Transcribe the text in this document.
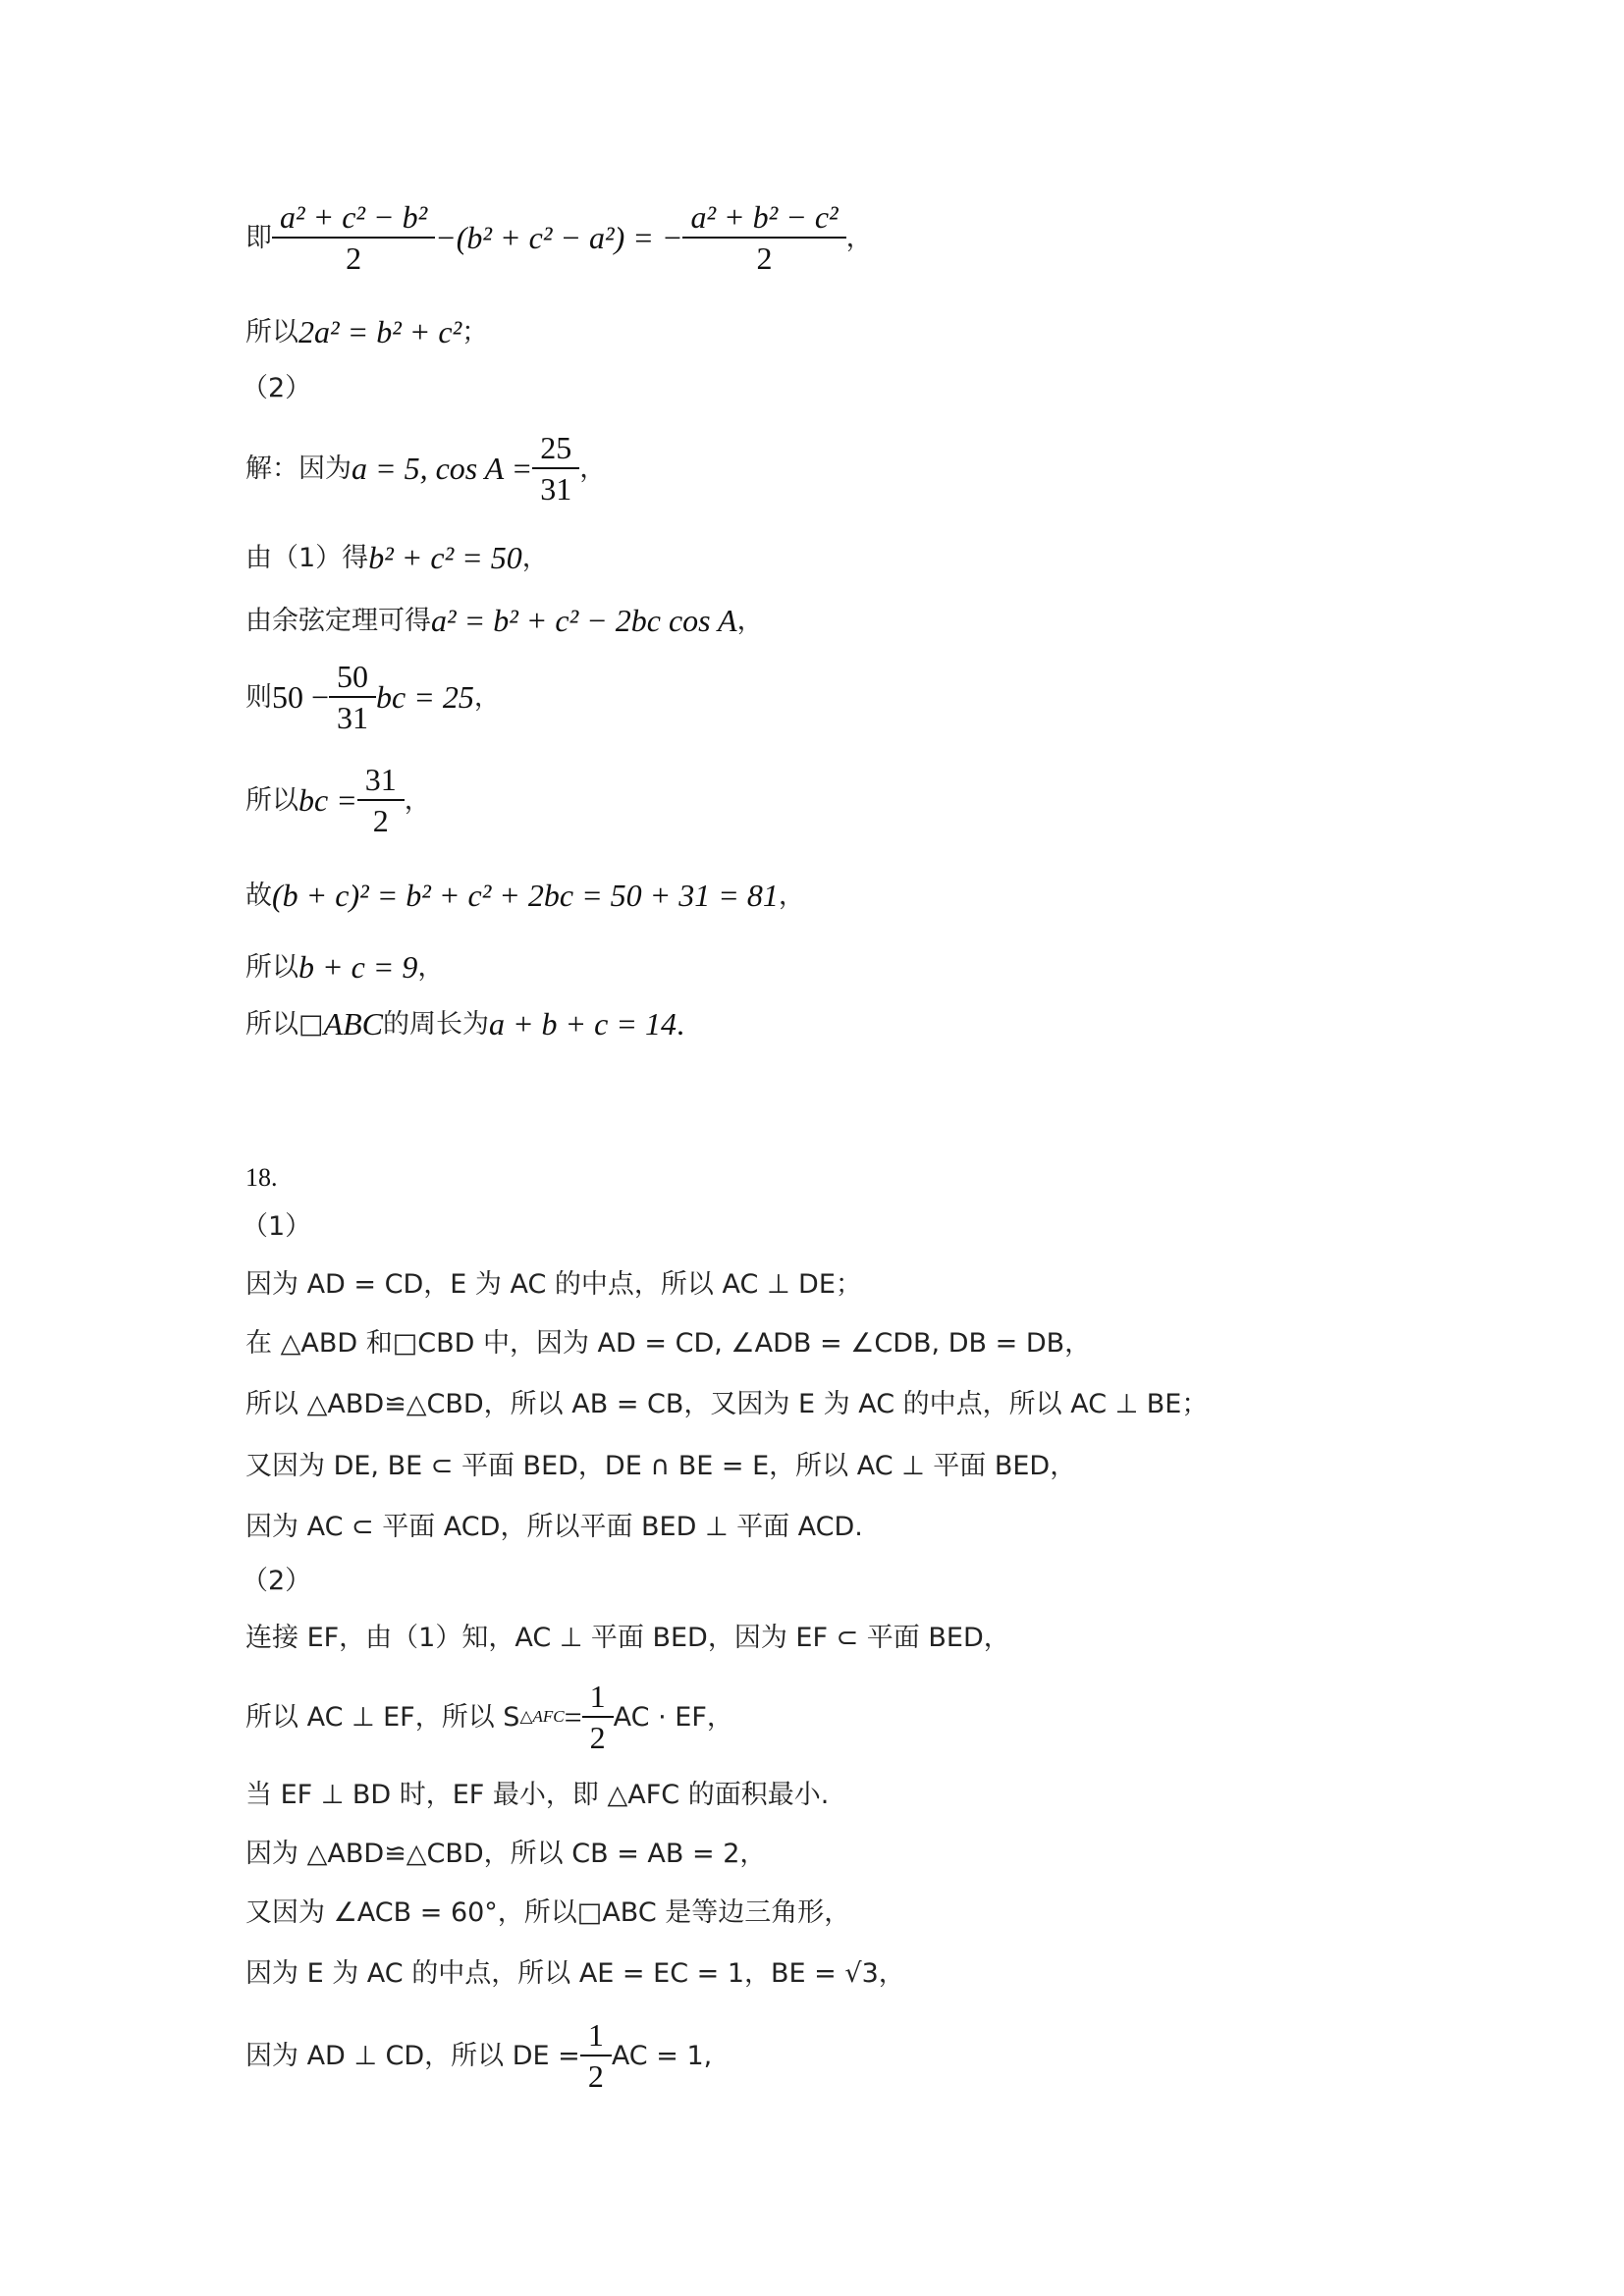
即 $\frac{\text{a² + c² − b²}}{2} -(b^2 + c^2 - a^2)$ = − $\frac{\text{a² + b² − c²}}{2}$ ，
所以 2a² = b² + c² ；
（2）
解：因为 a = 5, $\cos A = \frac{25}{31}$ ，
由（1）得 b² + c² = 50 ，
由余弦定理可得 a² = b² + c² − 2bc cos A ，
则 $50 - \frac{50}{31}$ bc = 25 ，
所以 bc = $\frac{31}{2}$ ，
故 (b + c)² = b² + c² + 2bc = 50 + 31 = 81 ，
所以 b + c = 9 ，
所以□ ABC 的周长为 a + b + c = 14 .
18.
（1）
因为 AD = CD，E 为 AC 的中点，所以 AC ⊥ DE；
在 △ABD 和□CBD 中，因为 AD = CD, ∠ADB = ∠CDB, DB = DB，
所以 △ABD≌△CBD，所以 AB = CB，又因为 E 为 AC 的中点，所以 AC ⊥ BE；
又因为 DE, BE ⊂ 平面 BED，DE ∩ BE = E，所以 AC ⊥ 平面 BED，
因为 AC ⊂ 平面 ACD，所以平面 BED ⊥ 平面 ACD.
（2）
连接 EF，由（1）知，AC ⊥ 平面 BED，因为 EF ⊂ 平面 BED，
所以 AC ⊥ EF，所以 S △AFC = $\frac{1}{2}$ AC · EF，
当 EF ⊥ BD 时，EF 最小，即 △AFC 的面积最小.
因为 △ABD≌△CBD，所以 CB = AB = 2，
又因为 ∠ACB = 60°，所以□ABC 是等边三角形，
因为 E 为 AC 的中点，所以 AE = EC = 1，BE = √3，
因为 AD ⊥ CD，所以 DE = $\frac{1}{2}$ AC = 1,
